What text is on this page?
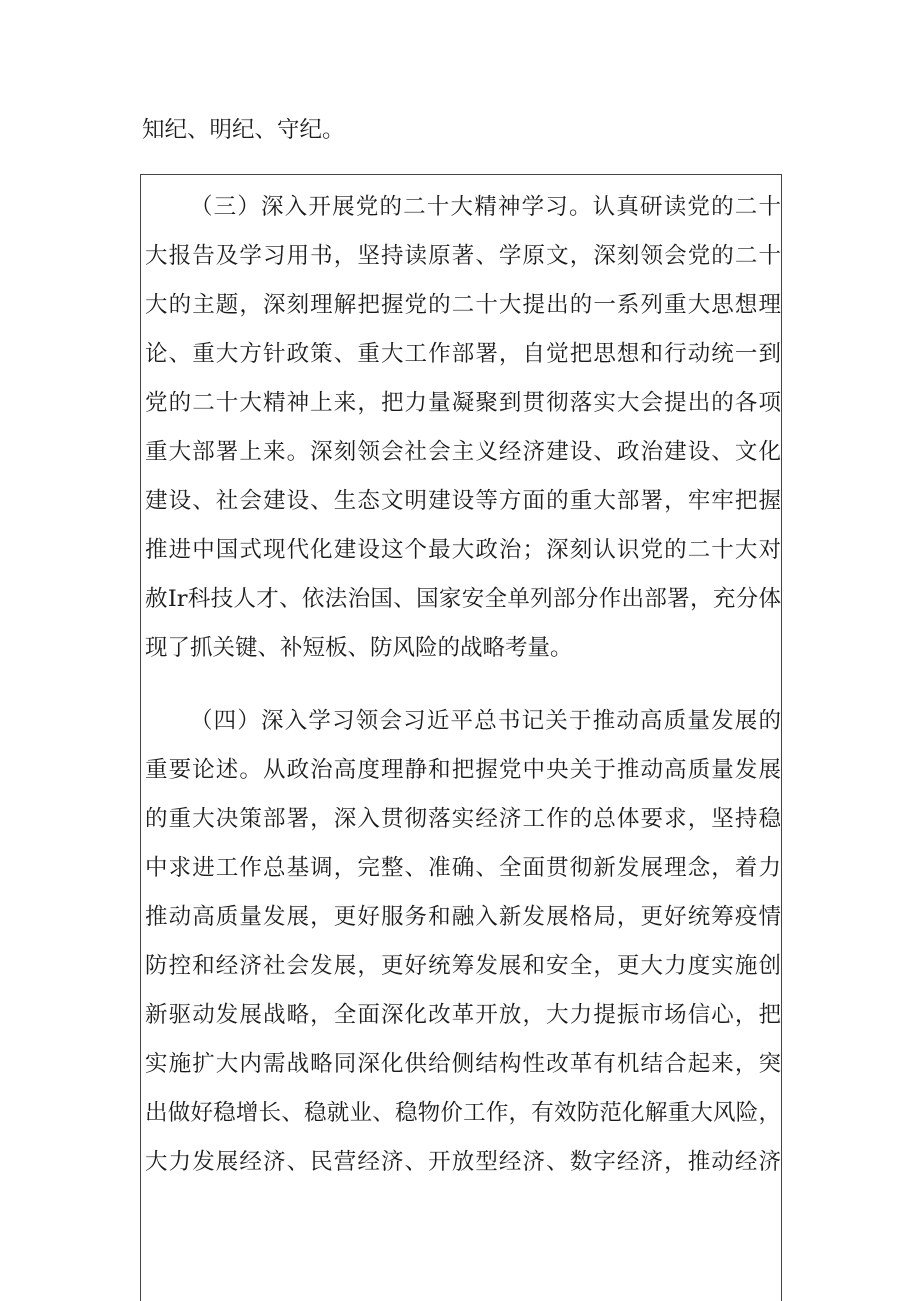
知纪、明纪、守纪。

（三）深入开展党的二十大精神学习。认真研读党的二十

大报告及学习用书，坚持读原著、学原文，深刻领会党的二十

大的主题，深刻理解把握党的二十大提出的一系列重大思想理

论、重大方针政策、重大工作部署，自觉把思想和行动统一到

党的二十大精神上来，把力量凝聚到贯彻落实大会提出的各项

重大部署上来。深刻领会社会主义经济建设、政治建设、文化

建设、社会建设、生态文明建设等方面的重大部署，牢牢把握

推进中国式现代化建设这个最大政治；深刻认识党的二十大对

赦Ir科技人才、依法治国、国家安全单列部分作出部署，充分体

现了抓关键、补短板、防风险的战略考量。

（四）深入学习领会习近平总书记关于推动高质量发展的

重要论述。从政治高度理静和把握党中央关于推动高质量发展

的重大决策部署，深入贯彻落实经济工作的总体要求，坚持稳

中求进工作总基调，完整、准确、全面贯彻新发展理念，着力

推动高质量发展，更好服务和融入新发展格局，更好统筹疫情

防控和经济社会发展，更好统筹发展和安全，更大力度实施创

新驱动发展战略，全面深化改革开放，大力提振市场信心，把

实施扩大内需战略同深化供给侧结构性改革有机结合起来，突

出做好稳增长、稳就业、稳物价工作，有效防范化解重大风险，

大力发展经济、民营经济、开放型经济、数字经济，推动经济
